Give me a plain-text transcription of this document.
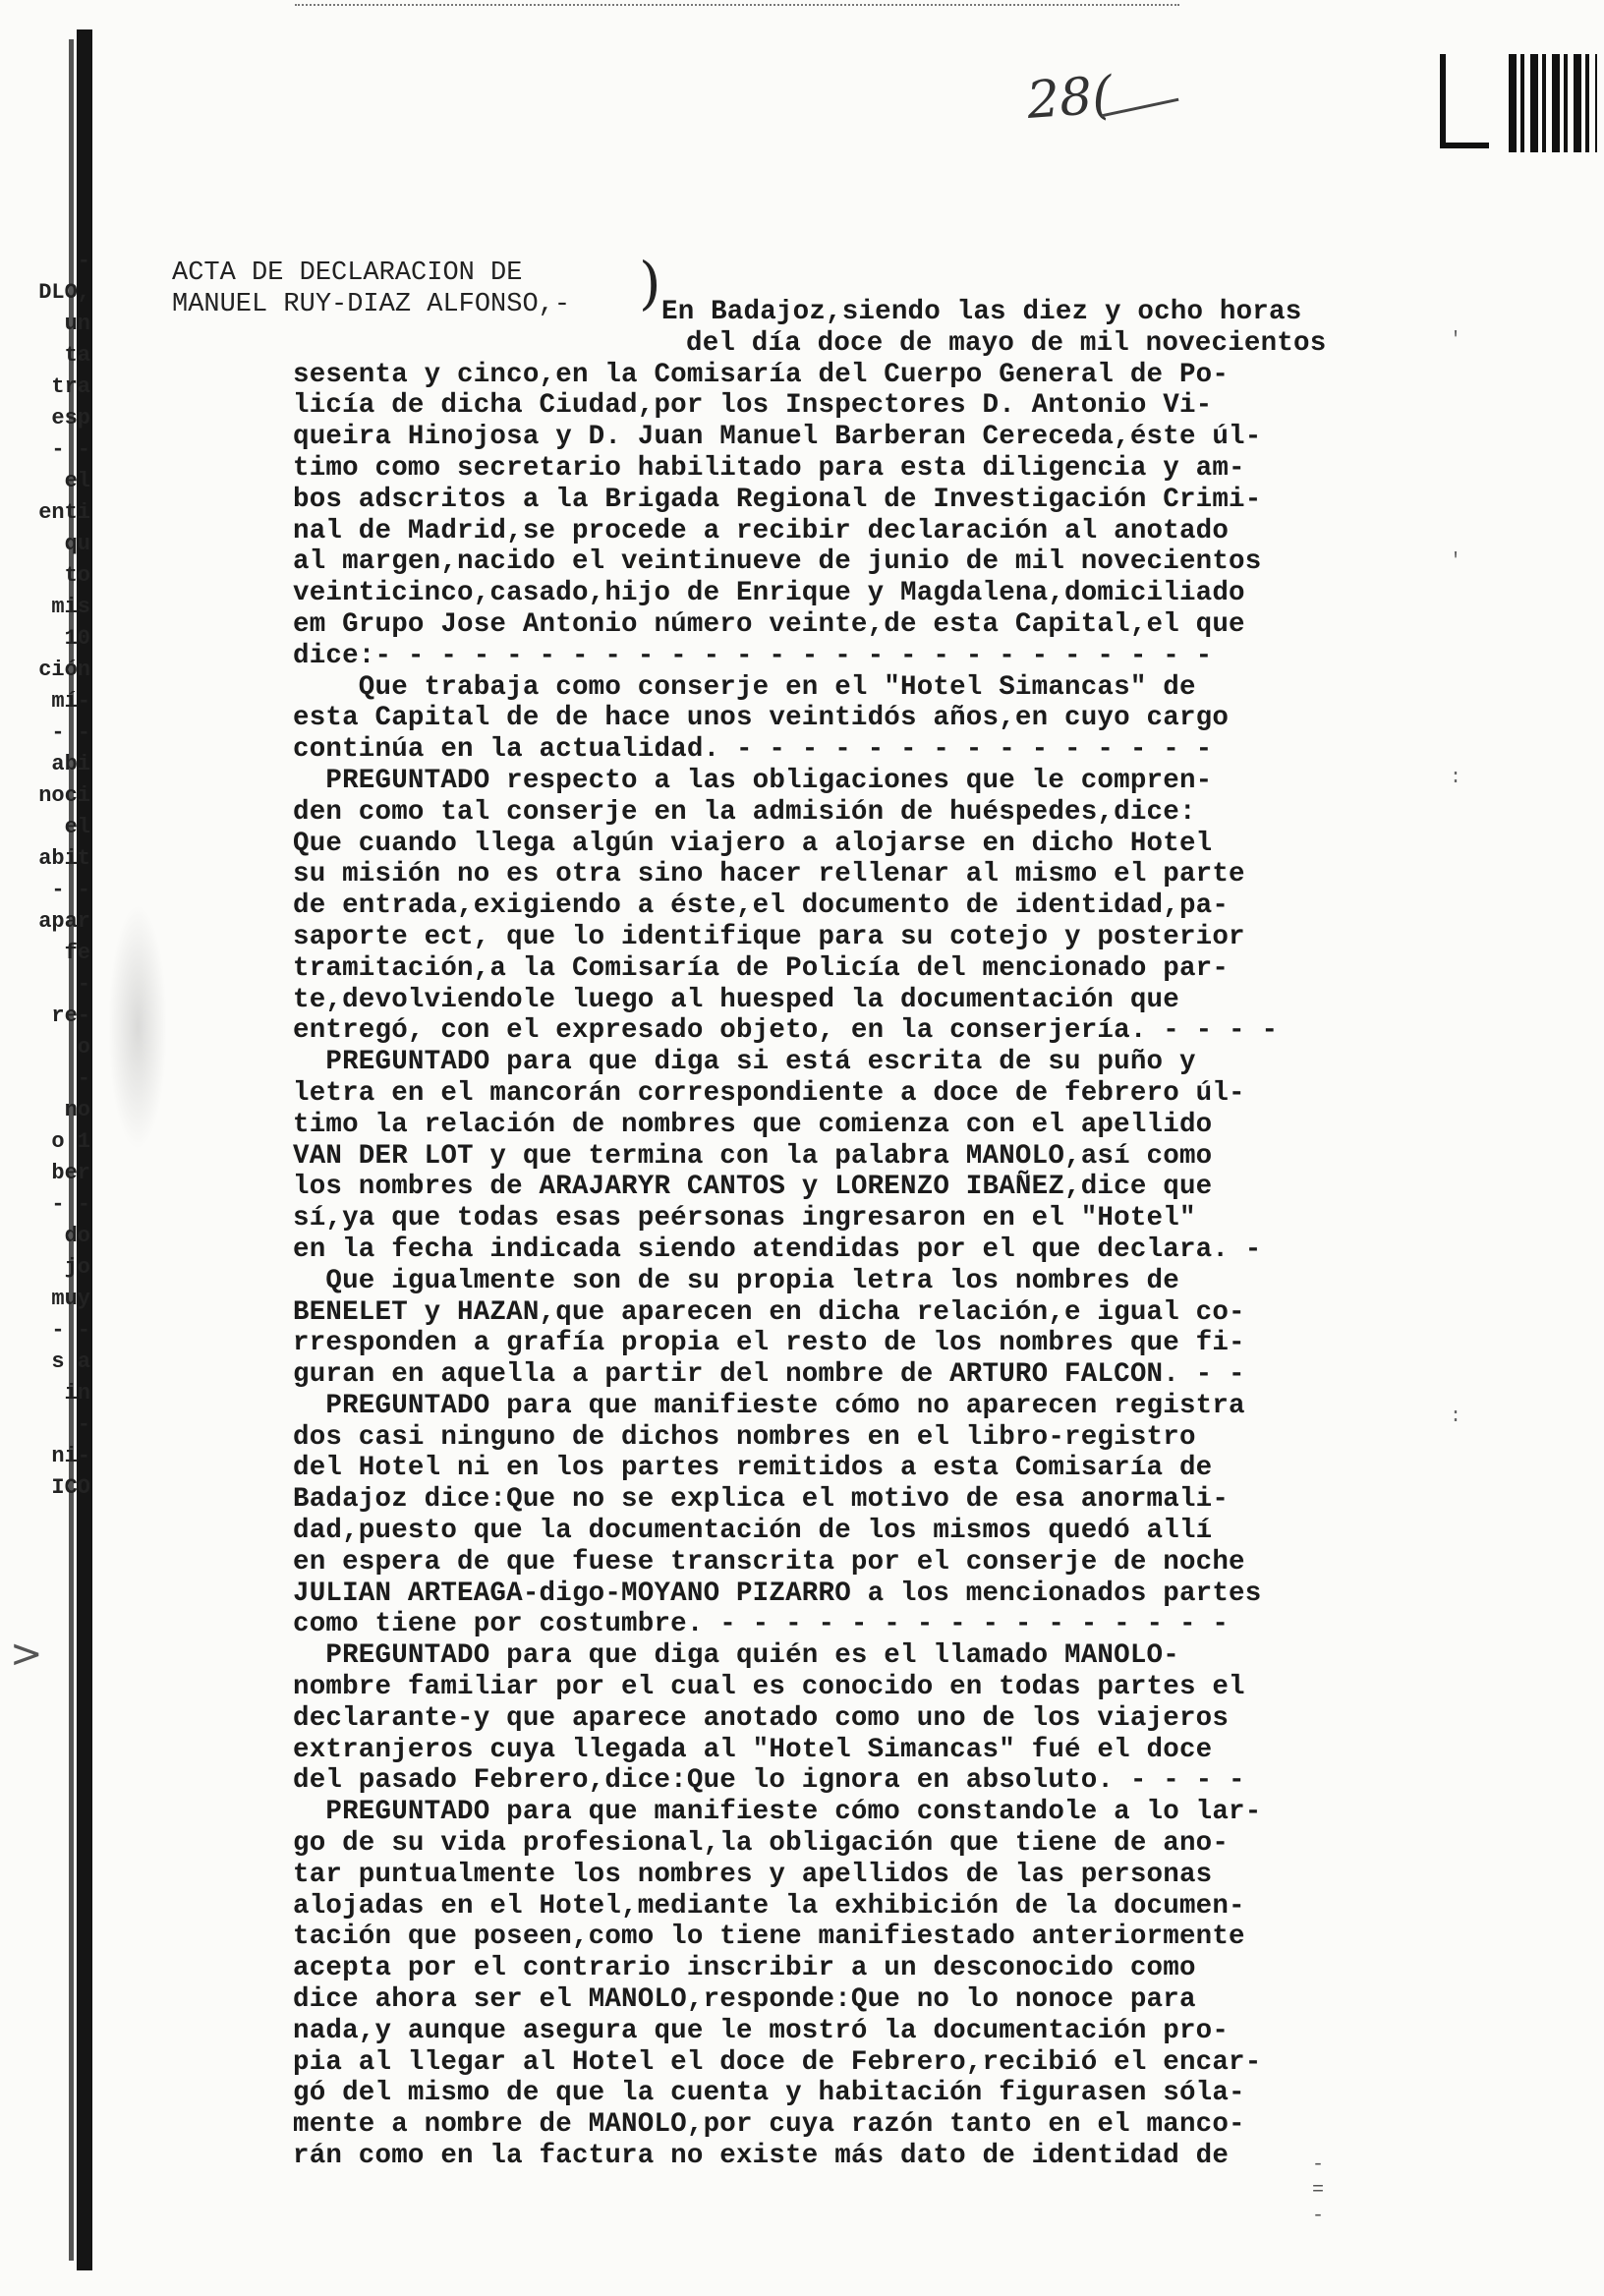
-
DLO,
un
ta
tra
esp
- -
el
enti
qu
to
mis
10
ción
mí-
- -
abi
noci
el
abit
- -
apar
fe
-
re-
o
-
no
o 1
ber
- -
do
jo
muy
- -
s a
in
-
ni-
ICO
28(
ACTA DE DECLARACION DE
MANUEL RUY-DIAZ ALFONSO,- ) En Badajoz,siendo las diez y ocho horas
del día doce de mayo de mil novecientos
sesenta y cinco,en la Comisaría del Cuerpo General de Po-
licía de dicha Ciudad,por los Inspectores D. Antonio Vi-
queira Hinojosa y D. Juan Manuel Barberan Cereceda,éste úl-
timo como secretario habilitado para esta diligencia y am-
bos adscritos a la Brigada Regional de Investigación Crimi-
nal de Madrid,se procede a recibir declaración al anotado
al margen,nacido el veintinueve de junio de mil novecientos
veinticinco,casado,hijo de Enrique y Magdalena,domiciliado
em Grupo Jose Antonio número veinte,de esta Capital,el que
dice:- - - - - - - - - - - - - - - - - - - - - - - - - -
Que trabaja como conserje en el "Hotel Simancas" de
esta Capital de de hace unos veintidós años,en cuyo cargo
continúa en la actualidad. - - - - - - - - - - - - - - -
PREGUNTADO respecto a las obligaciones que le compren-
den como tal conserje en la admisión de huéspedes,dice:
Que cuando llega algún viajero a alojarse en dicho Hotel
su misión no es otra sino hacer rellenar al mismo el parte
de entrada,exigiendo a éste,el documento de identidad,pa-
saporte ect, que lo identifique para su cotejo y posterior
tramitación,a la Comisaría de Policía del mencionado par-
te,devolviendole luego al huesped la documentación que
entregó, con el expresado objeto, en la conserjería. - - - -
PREGUNTADO para que diga si está escrita de su puño y
letra en el mancorán correspondiente a doce de febrero úl-
timo la relación de nombres que comienza con el apellido
VAN DER LOT y que termina con la palabra MANOLO,así como
los nombres de ARAJARYR CANTOS y LORENZO IBAÑEZ,dice que
sí,ya que todas esas peérsonas ingresaron en el "Hotel"
en la fecha indicada siendo atendidas por el que declara. -
Que igualmente son de su propia letra los nombres de
BENELET y HAZAN,que aparecen en dicha relación,e igual co-
rresponden a grafía propia el resto de los nombres que fi-
guran en aquella a partir del nombre de ARTURO FALCON. - -
PREGUNTADO para que manifieste cómo no aparecen registra
dos casi ninguno de dichos nombres en el libro-registro
del Hotel ni en los partes remitidos a esta Comisaría de
Badajoz dice:Que no se explica el motivo de esa anormali-
dad,puesto que la documentación de los mismos quedó allí
en espera de que fuese transcrita por el conserje de noche
JULIAN ARTEAGA-digo-MOYANO PIZARRO a los mencionados partes
como tiene por costumbre. - - - - - - - - - - - - - - - -
PREGUNTADO para que diga quién es el llamado MANOLO-
nombre familiar por el cual es conocido en todas partes el
declarante-y que aparece anotado como uno de los viajeros
extranjeros cuya llegada al "Hotel Simancas" fué el doce
del pasado Febrero,dice:Que lo ignora en absoluto. - - - -
PREGUNTADO para que manifieste cómo constandole a lo lar-
go de su vida profesional,la obligación que tiene de ano-
tar puntualmente los nombres y apellidos de las personas
alojadas en el Hotel,mediante la exhibición de la documen-
tación que poseen,como lo tiene manifiestado anteriormente
acepta por el contrario inscribir a un desconocido como
dice ahora ser el MANOLO,responde:Que no lo nonoce para
nada,y aunque asegura que le mostró la documentación pro-
pia al llegar al Hotel el doce de Febrero,recibió el encar-
gó del mismo de que la cuenta y habitación figurasen sóla-
mente a nombre de MANOLO,por cuya razón tanto en el manco-
rán como en la factura no existe más dato de identidad de
'
'
:
:
>
-
=
-
